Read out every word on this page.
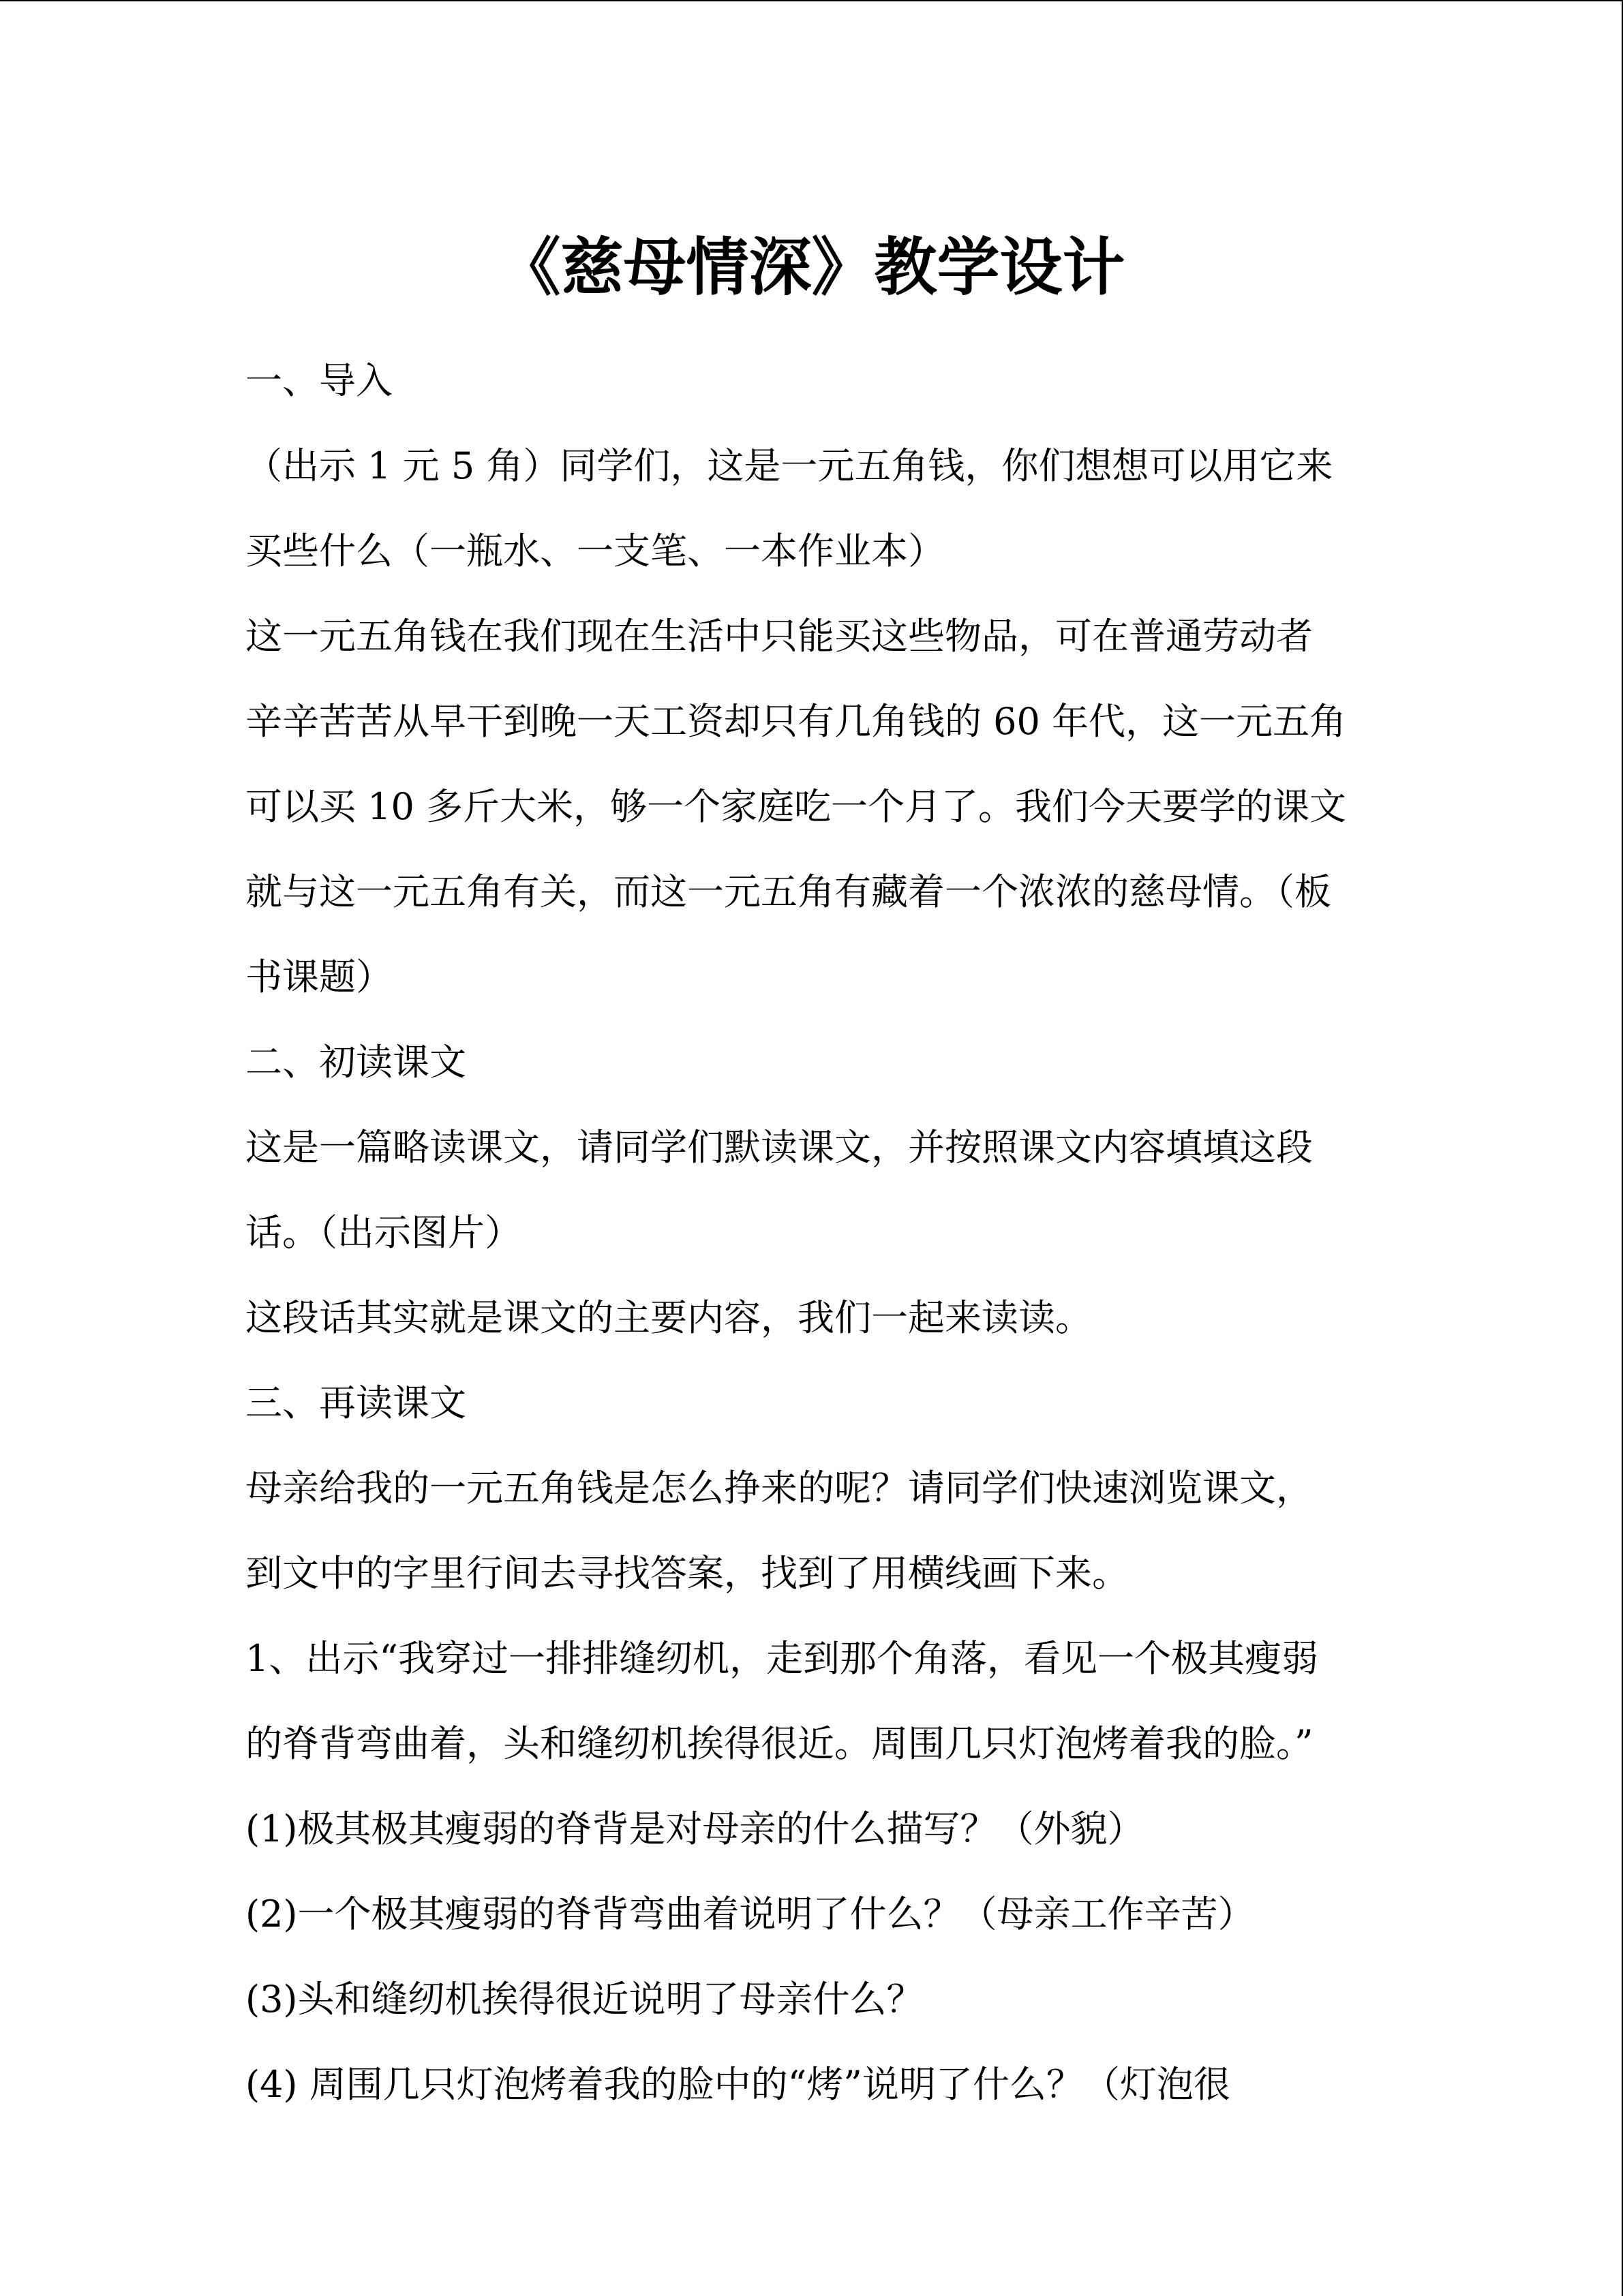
《慈母情深》教学设计
一、导入
（出示 1 元 5 角）同学们，这是一元五角钱，你们想想可以用它来
买些什么（一瓶水、一支笔、一本作业本）
这一元五角钱在我们现在生活中只能买这些物品，可在普通劳动者
辛辛苦苦从早干到晚一天工资却只有几角钱的 60 年代，这一元五角
可以买 10 多斤大米，够一个家庭吃一个月了。我们今天要学的课文
就与这一元五角有关，而这一元五角有藏着一个浓浓的慈母情。（板
书课题）
二、初读课文
这是一篇略读课文，请同学们默读课文，并按照课文内容填填这段
话。（出示图片）
这段话其实就是课文的主要内容，我们一起来读读。
三、再读课文
母亲给我的一元五角钱是怎么挣来的呢？请同学们快速浏览课文，
到文中的字里行间去寻找答案，找到了用横线画下来。
1、出示“我穿过一排排缝纫机，走到那个角落，看见一个极其瘦弱
的脊背弯曲着，头和缝纫机挨得很近。周围几只灯泡烤着我的脸。”
(1)极其极其瘦弱的脊背是对母亲的什么描写？（外貌）
(2)一个极其瘦弱的脊背弯曲着说明了什么？（母亲工作辛苦）
(3)头和缝纫机挨得很近说明了母亲什么？
(4) 周围几只灯泡烤着我的脸中的“烤”说明了什么？（灯泡很
